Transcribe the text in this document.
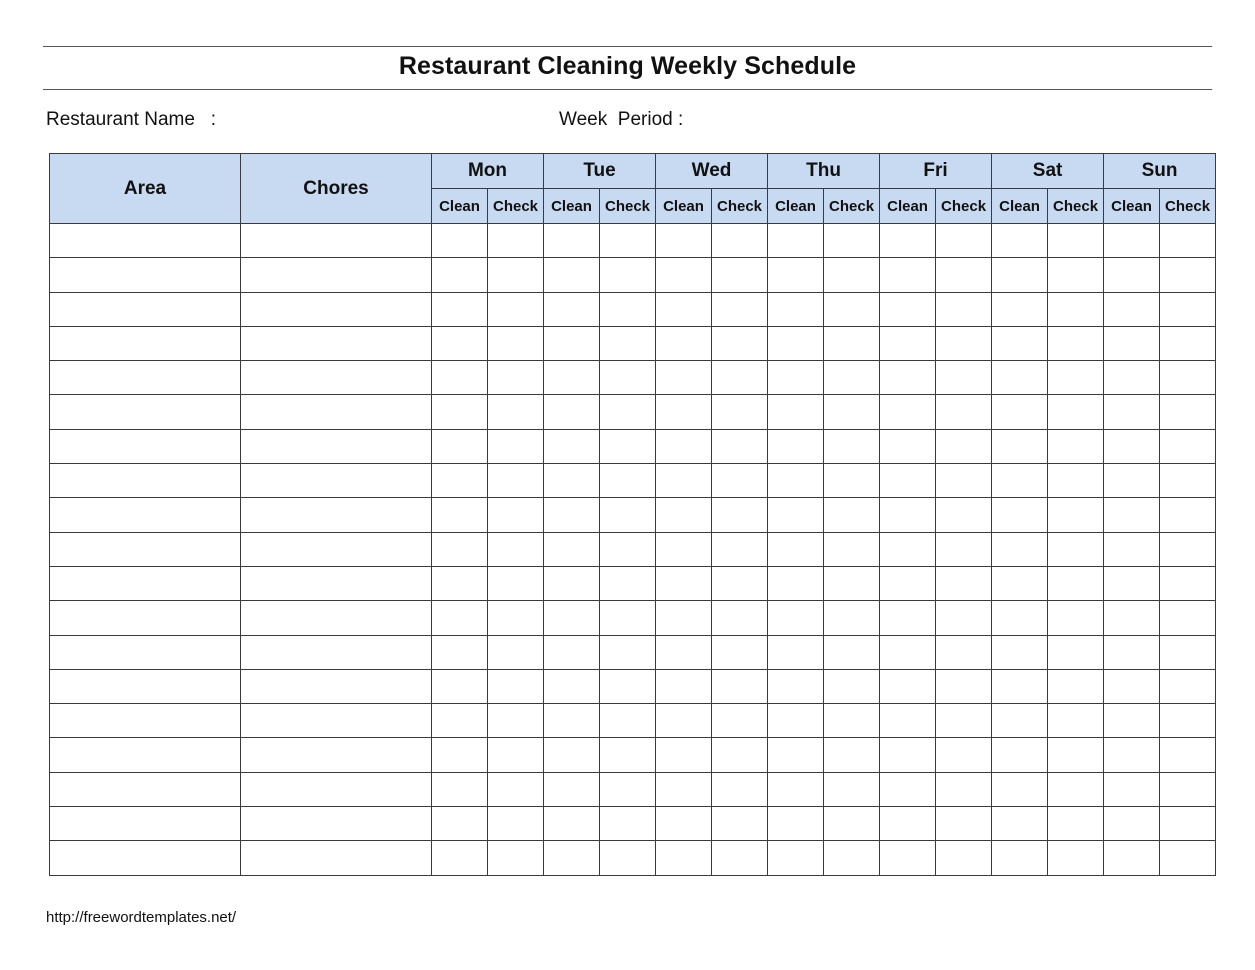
Restaurant Cleaning Weekly Schedule
Restaurant Name   :	Week  Period :
Area	Chores	Mon		Tue		Wed		Thu		Fri		Sat		Sun	
		Clean	Check	Clean	Check	Clean	Check	Clean	Check	Clean	Check	Clean	Check	Clean	Check

http://freewordtemplates.net/
